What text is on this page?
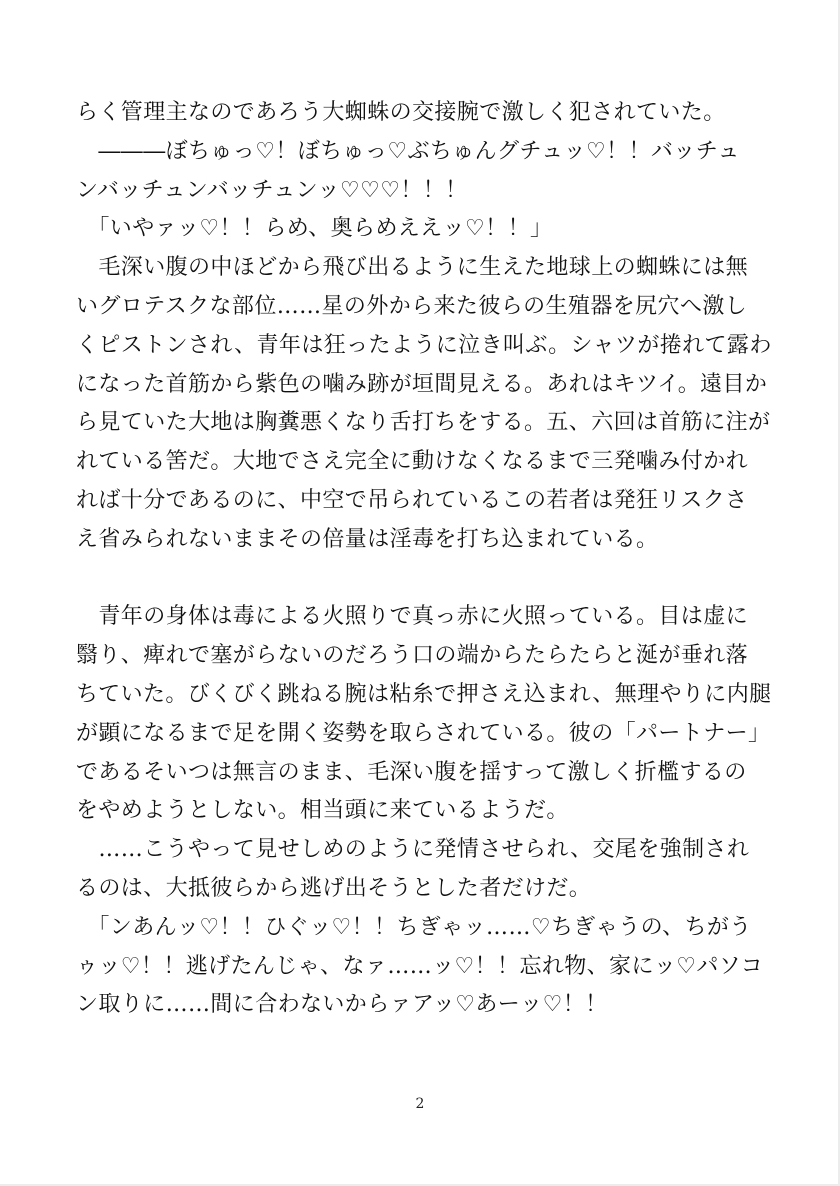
らく管理主なのであろう大蜘蛛の交接腕で激しく犯されていた。
　―――ぼちゅっ♡！ぼちゅっ♡ぶちゅんグチュッ♡！！バッチュ
ンバッチュンバッチュンッ♡♡♡！！！
　「いやァッ♡！！らめ、奥らめええッ♡！！」
　毛深い腹の中ほどから飛び出るように生えた地球上の蜘蛛には無
いグロテスクな部位……星の外から来た彼らの生殖器を尻穴へ激し
くピストンされ、青年は狂ったように泣き叫ぶ。シャツが捲れて露わ
になった首筋から紫色の噛み跡が垣間見える。あれはキツイ。遠目か
ら見ていた大地は胸糞悪くなり舌打ちをする。五、六回は首筋に注が
れている筈だ。大地でさえ完全に動けなくなるまで三発噛み付かれ
れば十分であるのに、中空で吊られているこの若者は発狂リスクさ
え省みられないままその倍量は淫毒を打ち込まれている。
　青年の身体は毒による火照りで真っ赤に火照っている。目は虚に
翳り、痺れで塞がらないのだろう口の端からたらたらと涎が垂れ落
ちていた。びくびく跳ねる腕は粘糸で押さえ込まれ、無理やりに内腿
が顕になるまで足を開く姿勢を取らされている。彼の「パートナー」
であるそいつは無言のまま、毛深い腹を揺すって激しく折檻するの
をやめようとしない。相当頭に来ているようだ。
　……こうやって見せしめのように発情させられ、交尾を強制され
るのは、大抵彼らから逃げ出そうとした者だけだ。
　「ンあんッ♡！！ひぐッ♡！！ちぎゃッ……♡ちぎゃうの、ちがう
ゥッ♡！！逃げたんじゃ、なァ……ッ♡！！忘れ物、家にッ♡パソコ
ン取りに……間に合わないからァアッ♡あーッ♡！！
2
